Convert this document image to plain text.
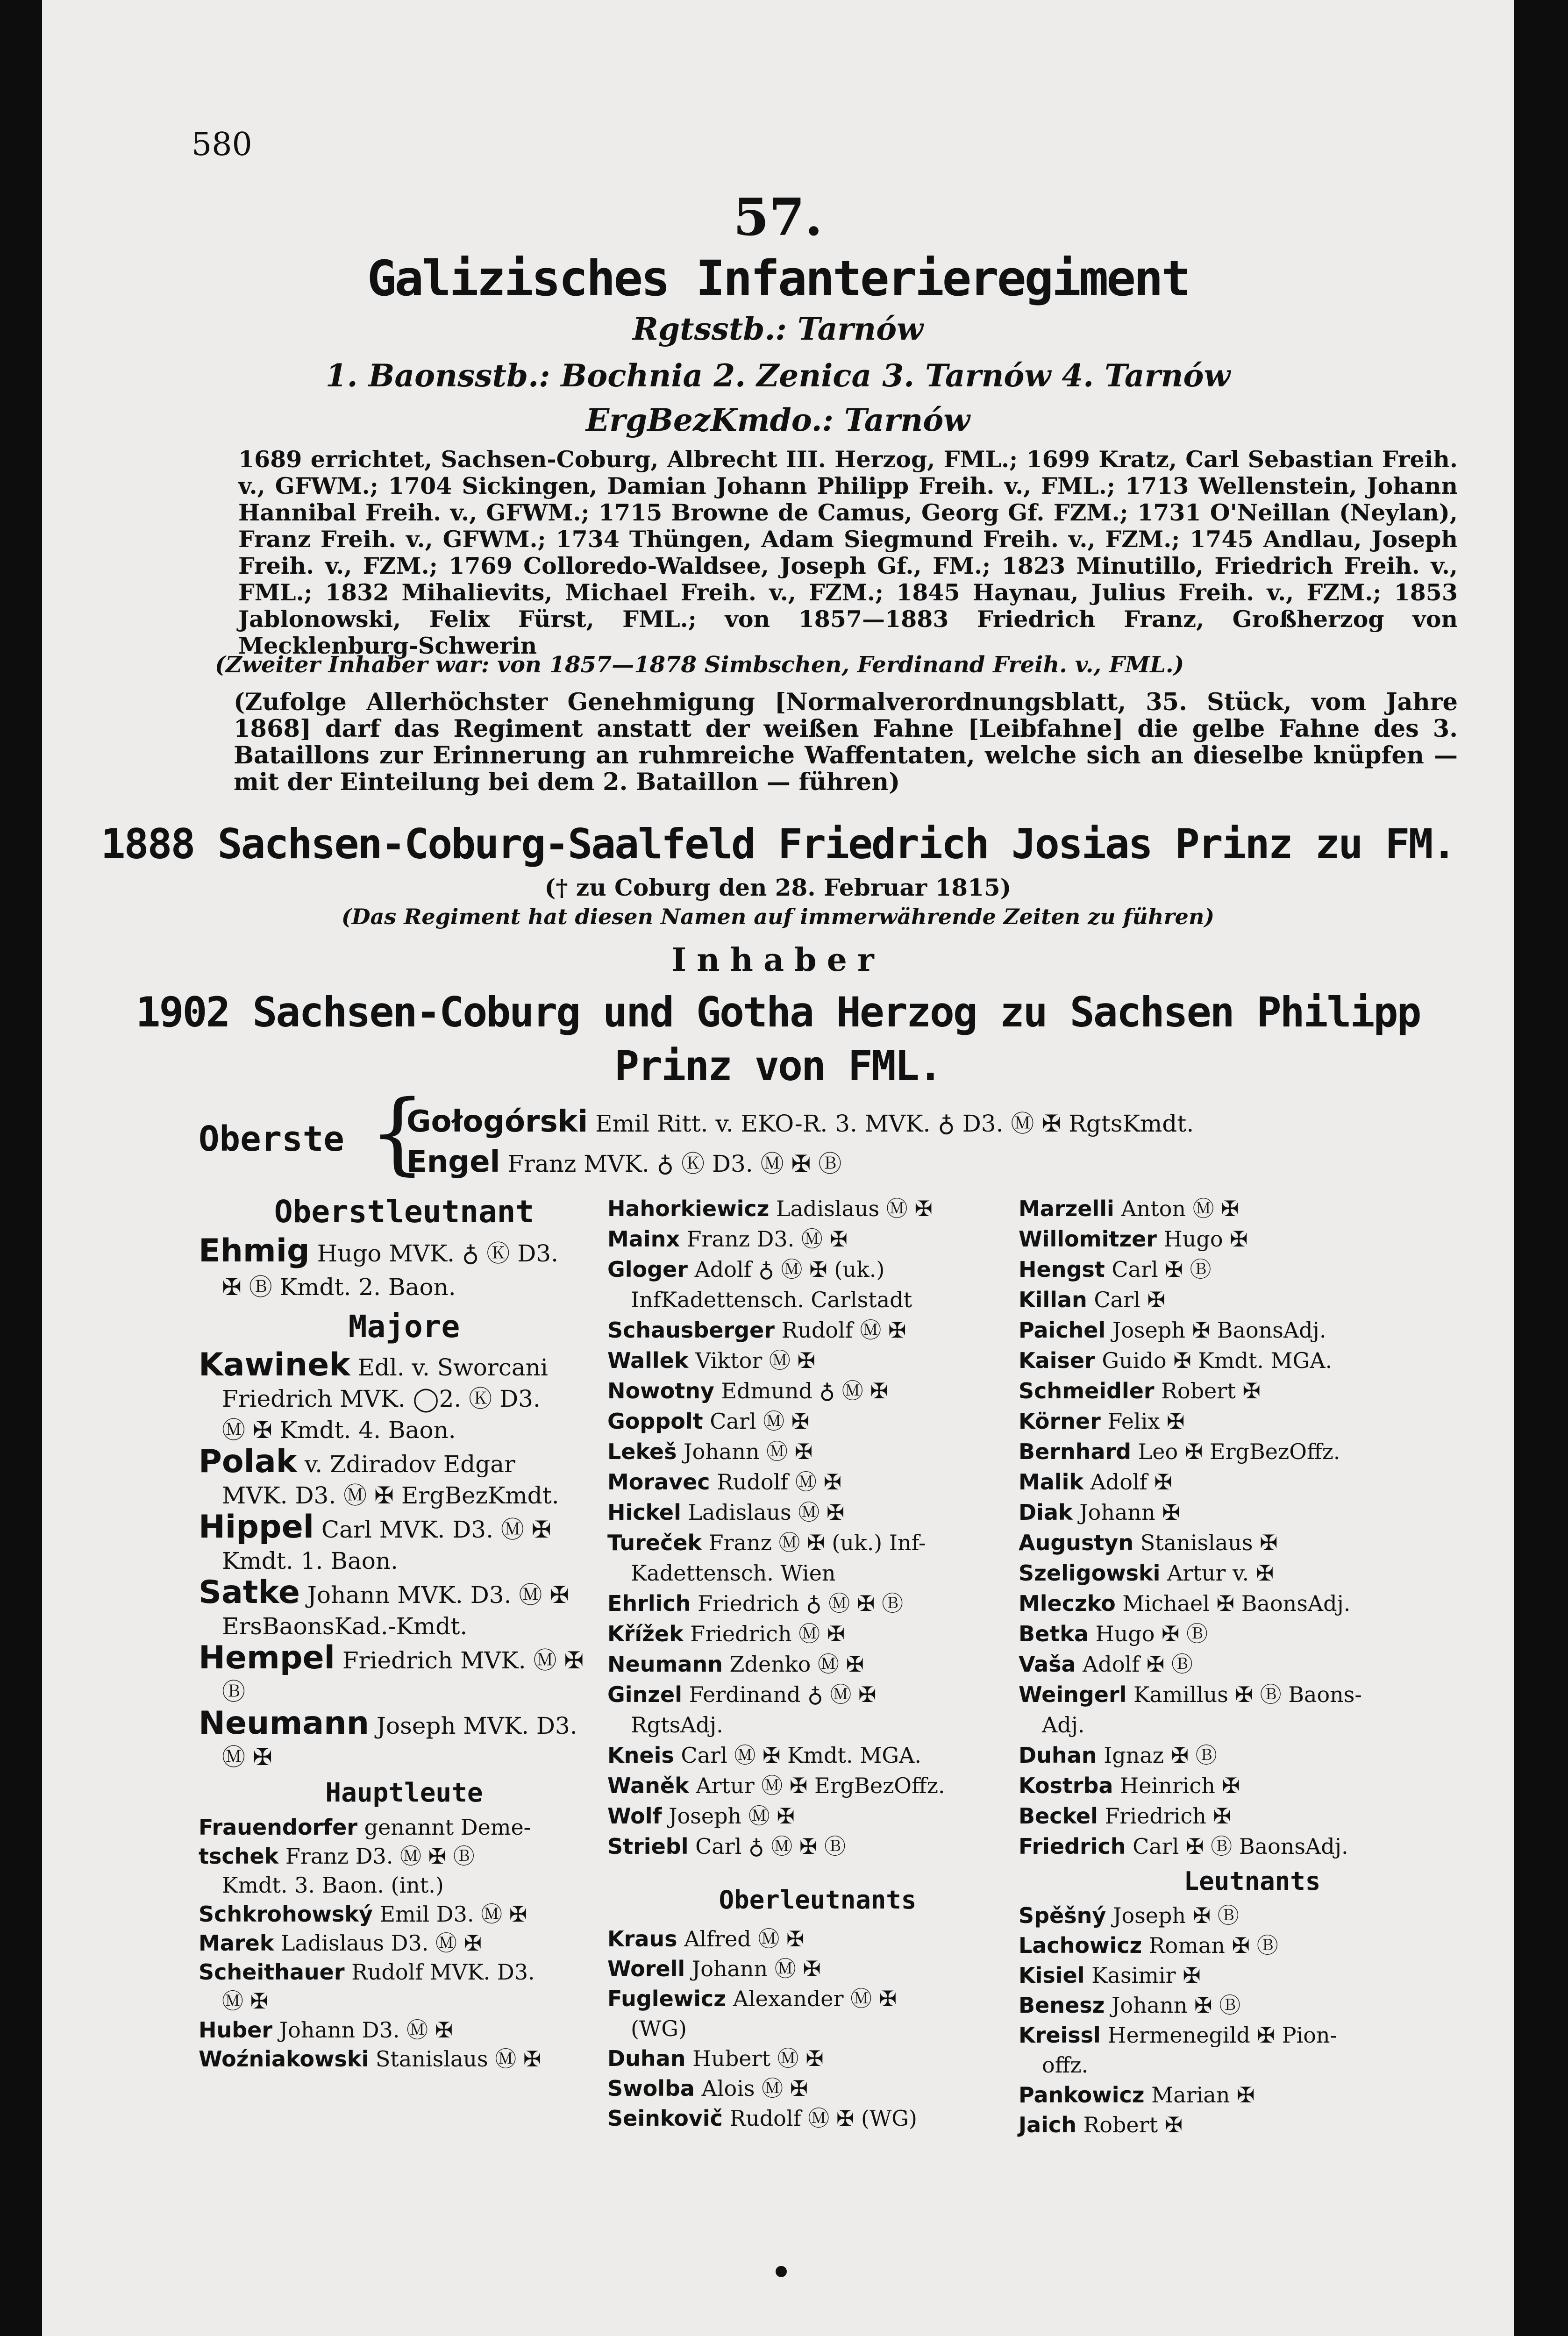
580
57.
Galizisches Infanterieregiment
Rgtsstb.: Tarnów
1. Baonsstb.: Bochnia 2. Zenica 3. Tarnów 4. Tarnów
ErgBezKmdo.: Tarnów
1689 errichtet, Sachsen-Coburg, Albrecht III. Herzog, FML.; 1699 Kratz, Carl Sebastian Freih. v., GFWM.; 1704 Sickingen, Damian Johann Philipp Freih. v., FML.; 1713 Wellenstein, Johann Hannibal Freih. v., GFWM.; 1715 Browne de Camus, Georg Gf. FZM.; 1731 O'Neillan (Neylan), Franz Freih. v., GFWM.; 1734 Thüngen, Adam Siegmund Freih. v., FZM.; 1745 Andlau, Joseph Freih. v., FZM.; 1769 Colloredo-Waldsee, Joseph Gf., FM.; 1823 Minutillo, Friedrich Freih. v., FML.; 1832 Mihalievits, Michael Freih. v., FZM.; 1845 Haynau, Julius Freih. v., FZM.; 1853 Jablonowski, Felix Fürst, FML.; von 1857—1883 Friedrich Franz, Großherzog von Mecklenburg-Schwerin
(Zweiter Inhaber war: von 1857—1878 Simbschen, Ferdinand Freih. v., FML.)
(Zufolge Allerhöchster Genehmigung [Normalverordnungsblatt, 35. Stück, vom Jahre 1868] darf das Regiment anstatt der weißen Fahne [Leibfahne] die gelbe Fahne des 3. Bataillons zur Erinnerung an ruhmreiche Waffentaten, welche sich an dieselbe knüpfen — mit der Einteilung bei dem 2. Bataillon — führen)
1888 Sachsen-Coburg-Saalfeld Friedrich Josias Prinz zu FM.
(† zu Coburg den 28. Februar 1815)
(Das Regiment hat diesen Namen auf immerwährende Zeiten zu führen)
Inhaber
1902 Sachsen-Coburg und Gotha Herzog zu Sachsen Philipp
Prinz von FML.
Oberste {
Gołogórski Emil Ritt. v. EKO-R. 3. MVK. ♁ D3. Ⓜ ✠ RgtsKmdt.
Engel Franz MVK. ♁ Ⓚ D3. Ⓜ ✠ Ⓑ
Oberstleutnant
Ehmig Hugo MVK. ♁ Ⓚ D3.
✠ Ⓑ Kmdt. 2. Baon.
Majore
Kawinek Edl. v. Sworcani
Friedrich MVK. ◯2. Ⓚ D3.
Ⓜ ✠ Kmdt. 4. Baon.
Polak v. Zdiradov Edgar
MVK. D3. Ⓜ ✠ ErgBezKmdt.
Hippel Carl MVK. D3. Ⓜ ✠
Kmdt. 1. Baon.
Satke Johann MVK. D3. Ⓜ ✠
ErsBaonsKad.-Kmdt.
Hempel Friedrich MVK. Ⓜ ✠
Ⓑ
Neumann Joseph MVK. D3.
Ⓜ ✠
Hauptleute
Frauendorfer genannt Deme-
tschek Franz D3. Ⓜ ✠ Ⓑ
Kmdt. 3. Baon. (int.)
Schkrohowský Emil D3. Ⓜ ✠
Marek Ladislaus D3. Ⓜ ✠
Scheithauer Rudolf MVK. D3.
Ⓜ ✠
Huber Johann D3. Ⓜ ✠
Woźniakowski Stanislaus Ⓜ ✠
Hahorkiewicz Ladislaus Ⓜ ✠
Mainx Franz D3. Ⓜ ✠
Gloger Adolf ♁ Ⓜ ✠ (uk.)
InfKadettensch. Carlstadt
Schausberger Rudolf Ⓜ ✠
Wallek Viktor Ⓜ ✠
Nowotny Edmund ♁ Ⓜ ✠
Goppolt Carl Ⓜ ✠
Lekeš Johann Ⓜ ✠
Moravec Rudolf Ⓜ ✠
Hickel Ladislaus Ⓜ ✠
Tureček Franz Ⓜ ✠ (uk.) Inf-
Kadettensch. Wien
Ehrlich Friedrich ♁ Ⓜ ✠ Ⓑ
Křížek Friedrich Ⓜ ✠
Neumann Zdenko Ⓜ ✠
Ginzel Ferdinand ♁ Ⓜ ✠
RgtsAdj.
Kneis Carl Ⓜ ✠ Kmdt. MGA.
Waněk Artur Ⓜ ✠ ErgBezOffz.
Wolf Joseph Ⓜ ✠
Striebl Carl ♁ Ⓜ ✠ Ⓑ
Oberleutnants
Kraus Alfred Ⓜ ✠
Worell Johann Ⓜ ✠
Fuglewicz Alexander Ⓜ ✠
(WG)
Duhan Hubert Ⓜ ✠
Swolba Alois Ⓜ ✠
Seinkovič Rudolf Ⓜ ✠ (WG)
Marzelli Anton Ⓜ ✠
Willomitzer Hugo ✠
Hengst Carl ✠ Ⓑ
Killan Carl ✠
Paichel Joseph ✠ BaonsAdj.
Kaiser Guido ✠ Kmdt. MGA.
Schmeidler Robert ✠
Körner Felix ✠
Bernhard Leo ✠ ErgBezOffz.
Malik Adolf ✠
Diak Johann ✠
Augustyn Stanislaus ✠
Szeligowski Artur v. ✠
Mleczko Michael ✠ BaonsAdj.
Betka Hugo ✠ Ⓑ
Vaša Adolf ✠ Ⓑ
Weingerl Kamillus ✠ Ⓑ Baons-
Adj.
Duhan Ignaz ✠ Ⓑ
Kostrba Heinrich ✠
Beckel Friedrich ✠
Friedrich Carl ✠ Ⓑ BaonsAdj.
Leutnants
Spěšný Joseph ✠ Ⓑ
Lachowicz Roman ✠ Ⓑ
Kisiel Kasimir ✠
Benesz Johann ✠ Ⓑ
Kreissl Hermenegild ✠ Pion-
offz.
Pankowicz Marian ✠
Jaich Robert ✠
